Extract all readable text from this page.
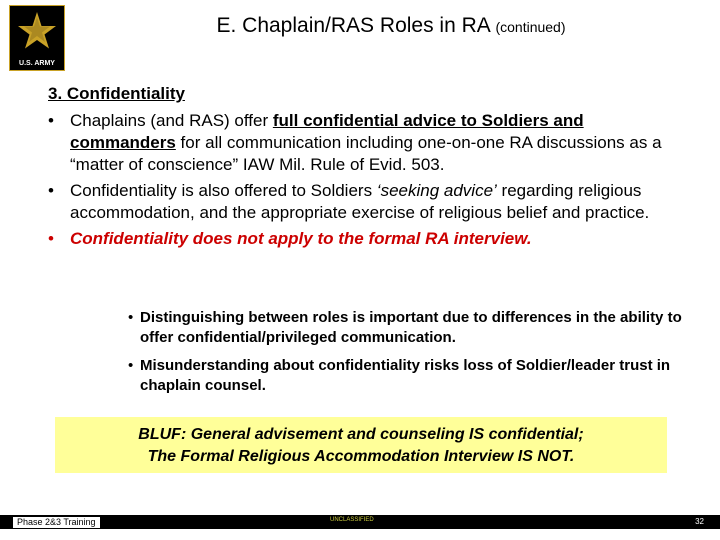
U.S. ARMY
E. Chaplain/RAS Roles in RA (continued)
3. Confidentiality
• Chaplains (and RAS) offer full confidential advice to Soldiers and commanders for all communication including one-on-one RA discussions as a “matter of conscience” IAW Mil. Rule of Evid. 503.
• Confidentiality is also offered to Soldiers ‘seeking advice’ regarding religious accommodation, and the appropriate exercise of religious belief and practice.
• Confidentiality does not apply to the formal RA interview.
• Distinguishing between roles is important due to differences in the ability to offer confidential/privileged communication.
• Misunderstanding about confidentiality risks loss of Soldier/leader trust in chaplain counsel.
BLUF: General advisement and counseling IS confidential;
The Formal Religious Accommodation Interview IS NOT.
Phase 2&3 Training	UNCLASSIFIED	32
